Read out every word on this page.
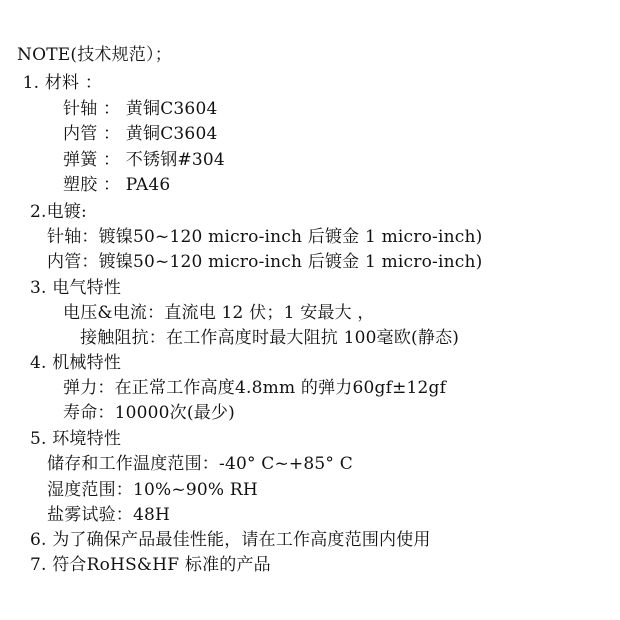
NOTE(技术规范）；
1. 材料 ：
针轴 ： 黄铜C3604
内管 ： 黄铜C3604
弹簧 ： 不锈钢#304
塑胶 ： PA46
2.电镀:
针轴：镀镍50~120 micro-inch 后镀金 1 micro-inch)
内管：镀镍50~120 micro-inch 后镀金 1 micro-inch)
3. 电气特性
电压&电流：直流电 12 伏；1 安最大 ，
接触阻抗：在工作高度时最大阻抗 100毫欧(静态)
4. 机械特性
弹力：在正常工作高度4.8mm 的弹力60gf±12gf
寿命：10000次(最少)
5. 环境特性
储存和工作温度范围：-40° C~+85° C
湿度范围：10%~90% RH
盐雾试验：48H
6. 为了确保产品最佳性能，请在工作高度范围内使用
7. 符合RoHS&HF 标准的产品
